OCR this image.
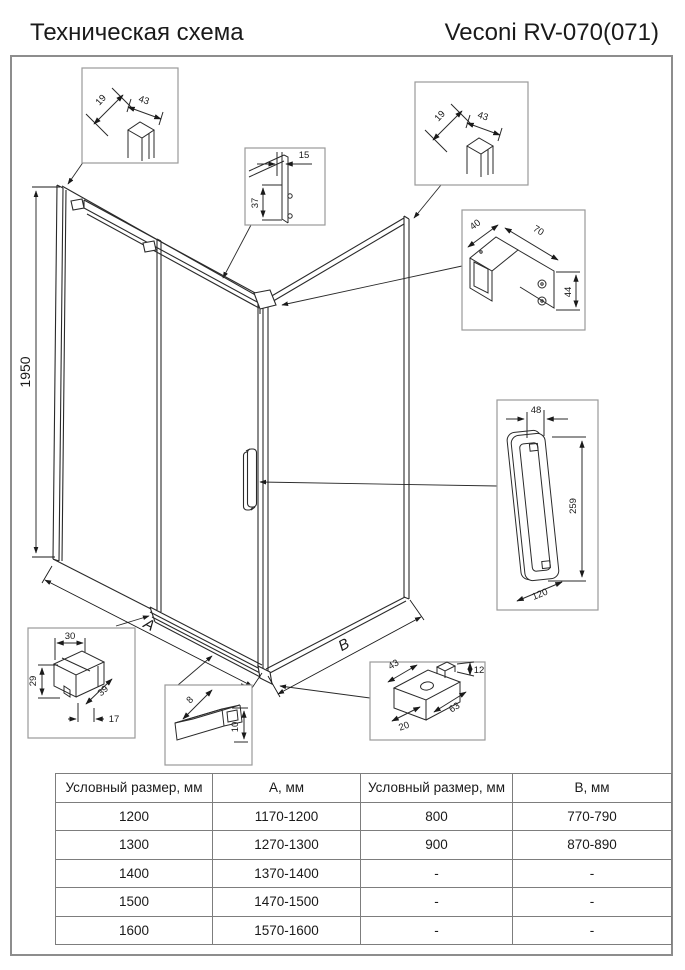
Техническая схема	Veconi RV-070(071)
1950
A
B
19	43
15
37
40	70
44
48
259
120
30
29
39
17
8
10
43	12
63
20
Условный размер, мм	А, мм	Условный размер, мм	В, мм
1200	1170-1200	800	770-790
1300	1270-1300	900	870-890
1400	1370-1400	-	-
1500	1470-1500	-	-
1600	1570-1600	-	-
